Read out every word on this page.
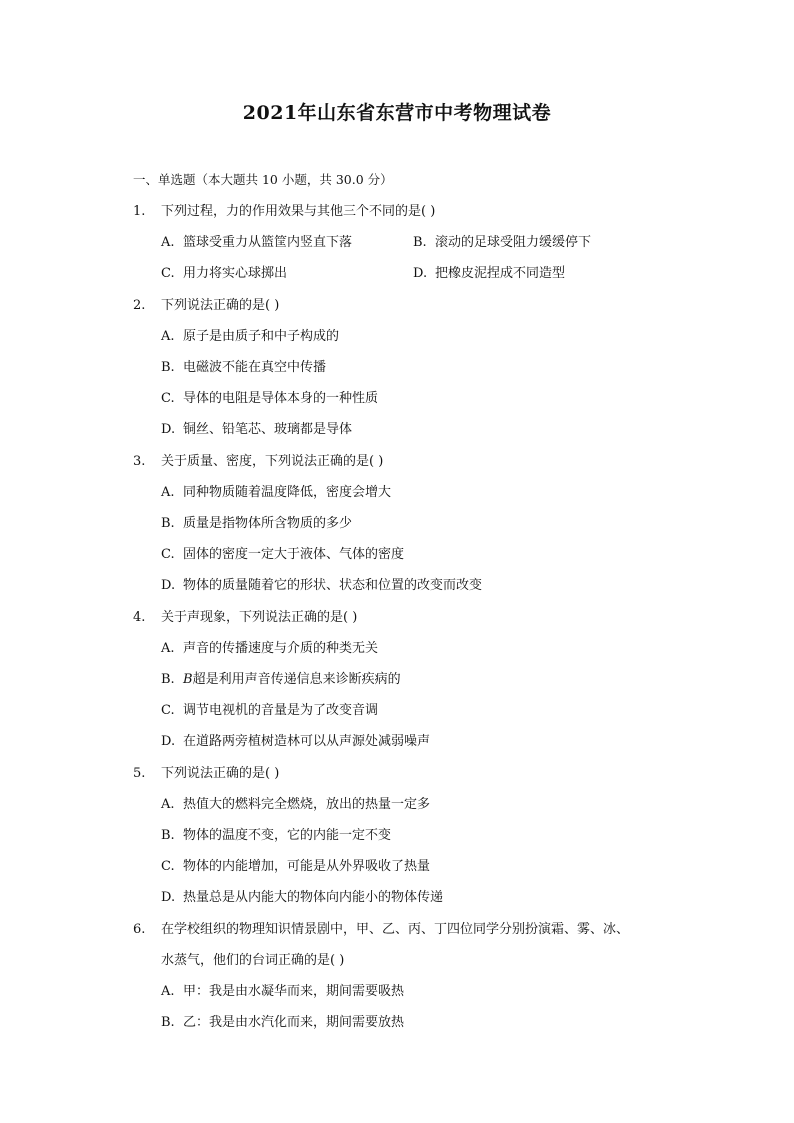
2021年山东省东营市中考物理试卷
一、单选题（本大题共 10 小题，共 30.0 分）
1. 下列过程，力的作用效果与其他三个不同的是( )
A. 篮球受重力从篮筐内竖直下落	B. 滚动的足球受阻力缓缓停下
C. 用力将实心球掷出	D. 把橡皮泥捏成不同造型
2. 下列说法正确的是( )
A. 原子是由质子和中子构成的
B. 电磁波不能在真空中传播
C. 导体的电阻是导体本身的一种性质
D. 铜丝、铅笔芯、玻璃都是导体
3. 关于质量、密度，下列说法正确的是( )
A. 同种物质随着温度降低，密度会增大
B. 质量是指物体所含物质的多少
C. 固体的密度一定大于液体、气体的密度
D. 物体的质量随着它的形状、状态和位置的改变而改变
4. 关于声现象，下列说法正确的是( )
A. 声音的传播速度与介质的种类无关
B. B超是利用声音传递信息来诊断疾病的
C. 调节电视机的音量是为了改变音调
D. 在道路两旁植树造林可以从声源处减弱噪声
5. 下列说法正确的是( )
A. 热值大的燃料完全燃烧，放出的热量一定多
B. 物体的温度不变，它的内能一定不变
C. 物体的内能增加，可能是从外界吸收了热量
D. 热量总是从内能大的物体向内能小的物体传递
6. 在学校组织的物理知识情景剧中，甲、乙、丙、丁四位同学分别扮演霜、雾、冰、
水蒸气，他们的台词正确的是( )
A. 甲：我是由水凝华而来，期间需要吸热
B. 乙：我是由水汽化而来，期间需要放热
